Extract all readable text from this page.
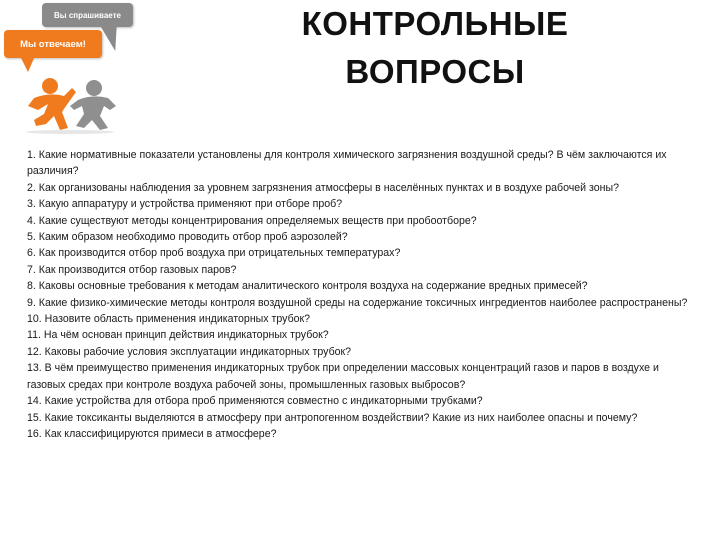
Вы спрашиваете
Мы отвечаем!
КОНТРОЛЬНЫЕ
ВОПРОСЫ
1. Какие нормативные показатели установлены для контроля химического загрязнения воздушной среды? В чём заключаются их различия?
2. Как организованы наблюдения за уровнем загрязнения атмосферы в населённых пунктах и в воздухе рабочей зоны?
3. Какую аппаратуру и устройства применяют при отборе проб?
4. Какие существуют методы концентрирования определяемых веществ при пробоотборе?
5. Каким образом необходимо проводить отбор проб аэрозолей?
6. Как производится отбор проб воздуха при отрицательных температурах?
7. Как производится отбор газовых паров?
8. Каковы основные требования к методам аналитического контроля воздуха на содержание вредных примесей?
9. Какие физико-химические методы контроля воздушной среды на содержание токсичных ингредиентов наиболее распространены?
10. Назовите область применения индикаторных трубок?
11. На чём основан принцип действия индикаторных трубок?
12. Каковы рабочие условия эксплуатации индикаторных трубок?
13. В чём преимущество применения индикаторных трубок при определении массовых концентраций газов и паров в воздухе и газовых средах при контроле воздуха рабочей зоны, промышленных газовых выбросов?
14. Какие устройства для отбора проб применяются совместно с индикаторными трубками?
15. Какие токсиканты выделяются в атмосферу при антропогенном воздействии? Какие из них наиболее опасны и почему?
16. Как классифицируются примеси в атмосфере?
